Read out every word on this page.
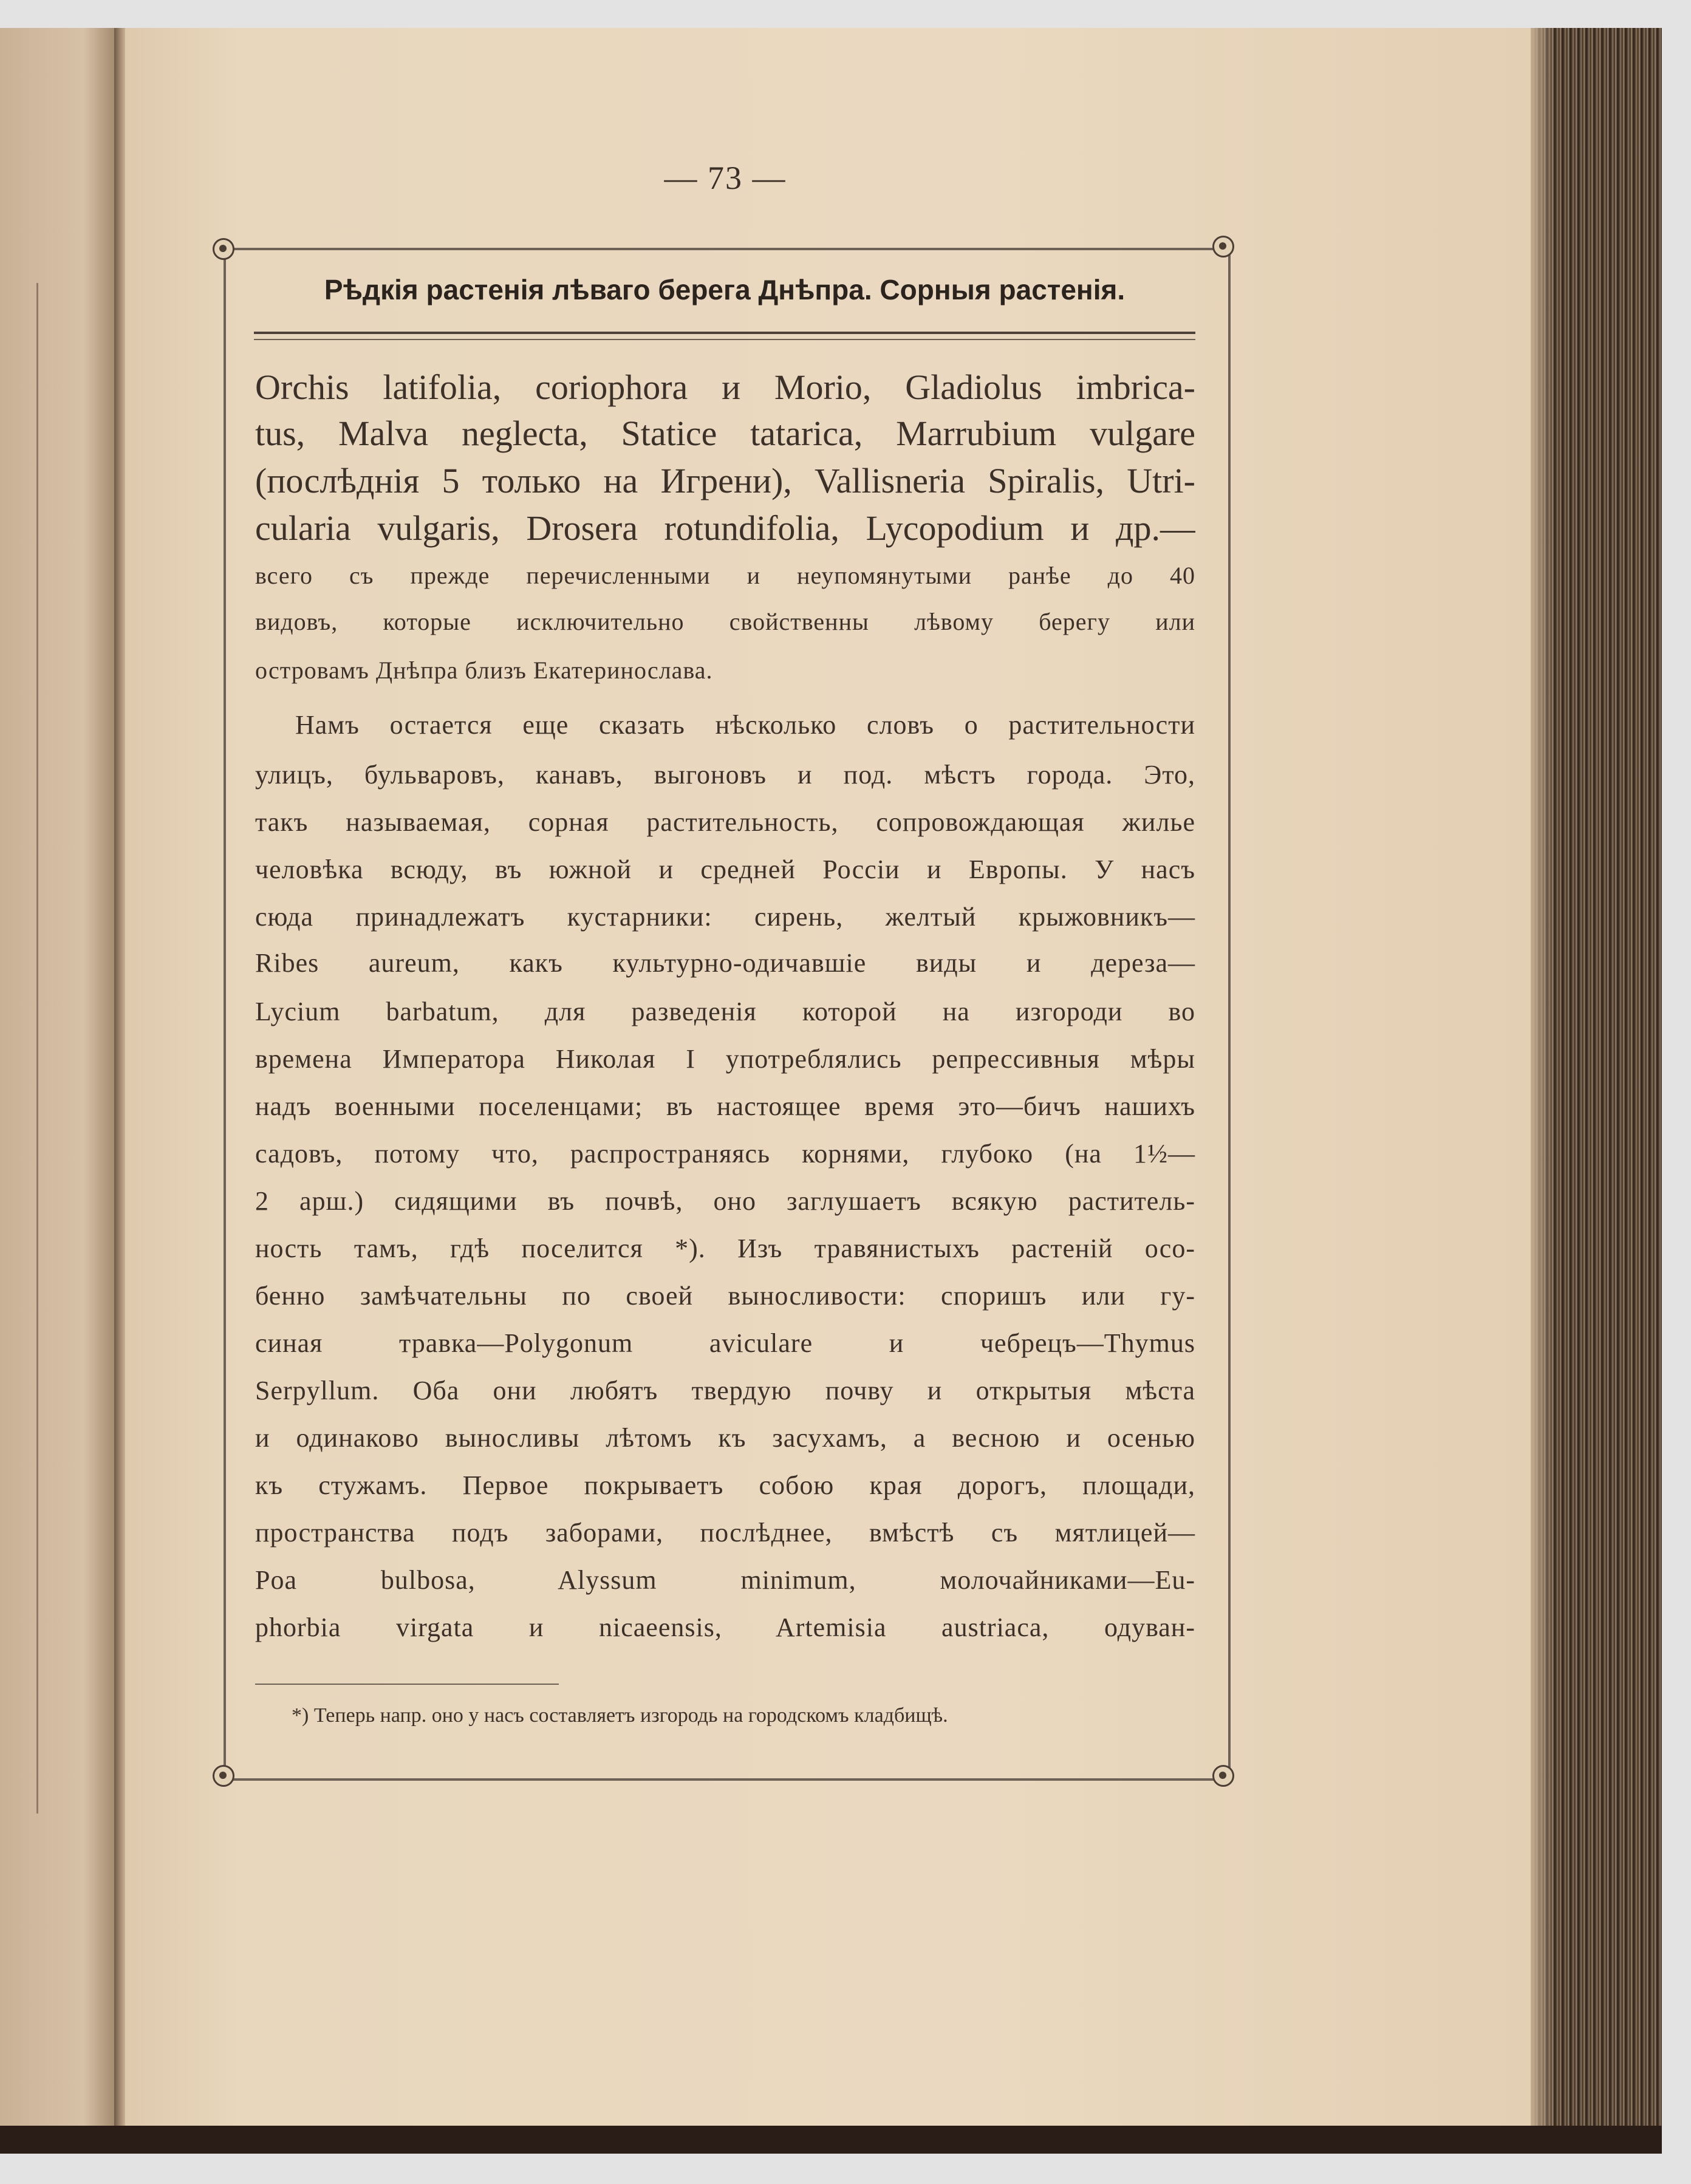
— 73 —
Рѣдкія растенія лѣваго берега Днѣпра. Сорныя растенія.
Orchis latifolia, coriophora и Morio, Gladiolus imbrica-
tus, Malva neglecta, Statice tatarica, Marrubium vulgare
(послѣднія 5 только на Игрени), Vallisneria Spiralis, Utri-
cularia vulgaris, Drosera rotundifolia, Lycopodium и др.—
всего съ прежде перечисленными и неупомянутыми ранѣе до 40
видовъ, которые исключительно свойственны лѣвому берегу или
островамъ Днѣпра близъ Екатеринослава.
Намъ остается еще сказать нѣсколько словъ о растительности
улицъ, бульваровъ, канавъ, выгоновъ и под. мѣстъ города. Это,
такъ называемая, сорная растительность, сопровождающая жилье
человѣка всюду, въ южной и средней Россіи и Европы. У насъ
сюда принадлежатъ кустарники: сирень, желтый крыжовникъ—
Ribes aureum, какъ культурно-одичавшіе виды и дереза—
Lycium barbatum, для разведенія которой на изгороди во
времена Императора Николая I употреблялись репрессивныя мѣры
надъ военными поселенцами; въ настоящее время это—бичъ нашихъ
садовъ, потому что, распространяясь корнями, глубоко (на 1½—
2 арш.) сидящими въ почвѣ, оно заглушаетъ всякую раститель-
ность тамъ, гдѣ поселится *). Изъ травянистыхъ растеній осо-
бенно замѣчательны по своей выносливости: споришъ или гу-
синая травка—Polygonum aviculare и чебрецъ—Thymus
Serpyllum. Оба они любятъ твердую почву и открытыя мѣста
и одинаково выносливы лѣтомъ къ засухамъ, а весною и осенью
къ стужамъ. Первое покрываетъ собою края дорогъ, площади,
пространства подъ заборами, послѣднее, вмѣстѣ съ мятлицей—
Poa bulbosa, Alyssum minimum, молочайниками—Eu-
phorbia virgata и nicaeensis, Artemisia austriaca, одуван-
*) Теперь напр. оно у насъ составляетъ изгородь на городскомъ кладбищѣ.
